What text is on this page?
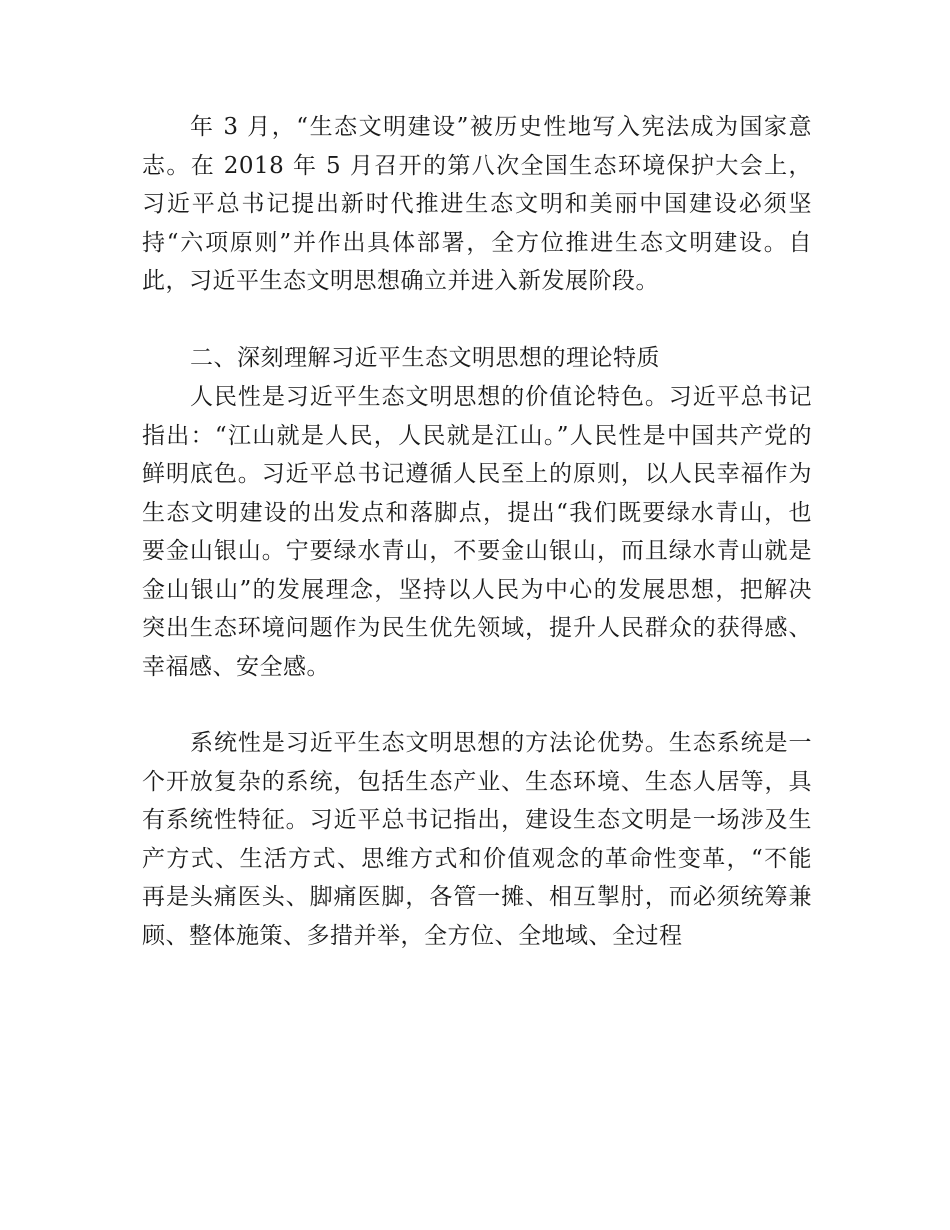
年 3 月，“生态文明建设”被历史性地写入宪法成为国家意志。在 2018 年 5 月召开的第八次全国生态环境保护大会上，习近平总书记提出新时代推进生态文明和美丽中国建设必须坚持“六项原则”并作出具体部署，全方位推进生态文明建设。自此，习近平生态文明思想确立并进入新发展阶段。

二、深刻理解习近平生态文明思想的理论特质

人民性是习近平生态文明思想的价值论特色。习近平总书记指出：“江山就是人民，人民就是江山。”人民性是中国共产党的鲜明底色。习近平总书记遵循人民至上的原则，以人民幸福作为生态文明建设的出发点和落脚点，提出“我们既要绿水青山，也要金山银山。宁要绿水青山，不要金山银山，而且绿水青山就是金山银山”的发展理念，坚持以人民为中心的发展思想，把解决突出生态环境问题作为民生优先领域，提升人民群众的获得感、幸福感、安全感。

系统性是习近平生态文明思想的方法论优势。生态系统是一个开放复杂的系统，包括生态产业、生态环境、生态人居等，具有系统性特征。习近平总书记指出，建设生态文明是一场涉及生产方式、生活方式、思维方式和价值观念的革命性变革，“不能再是头痛医头、脚痛医脚，各管一摊、相互掣肘，而必须统筹兼顾、整体施策、多措并举，全方位、全地域、全过程
